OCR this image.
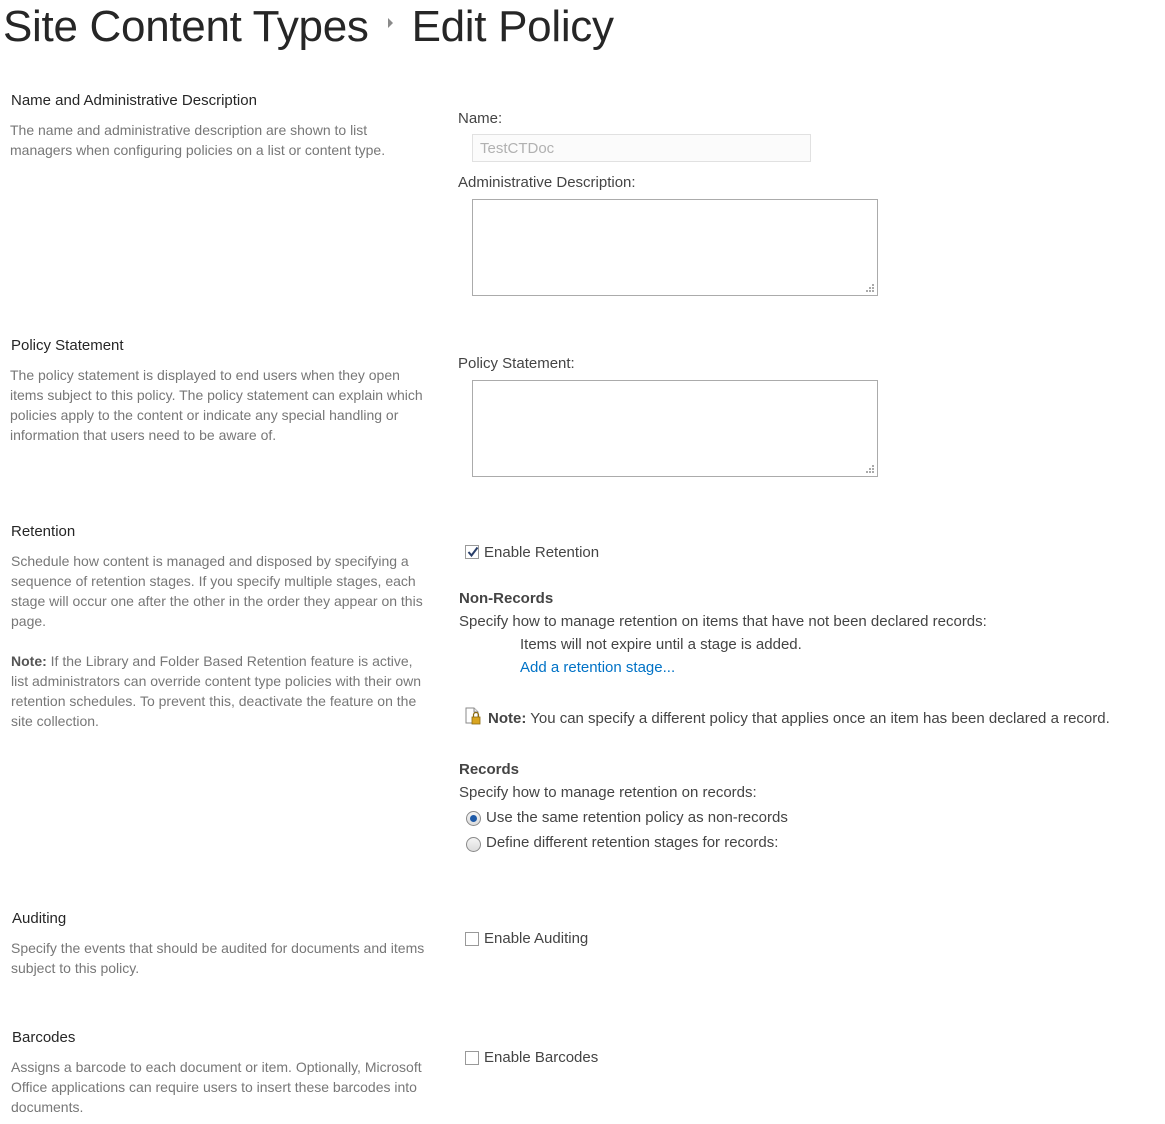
Site Content Types Edit Policy
Name and Administrative Description
The name and administrative description are shown to list managers when configuring policies on a list or content type.
Name:
TestCTDoc
Administrative Description:
Policy Statement
The policy statement is displayed to end users when they open items subject to this policy. The policy statement can explain which policies apply to the content or indicate any special handling or information that users need to be aware of.
Policy Statement:
Retention
Schedule how content is managed and disposed by specifying a sequence of retention stages. If you specify multiple stages, each stage will occur one after the other in the order they appear on this page.
Note: If the Library and Folder Based Retention feature is active, list administrators can override content type policies with their own retention schedules. To prevent this, deactivate the feature on the site collection.
Enable Retention
Non-Records
Specify how to manage retention on items that have not been declared records:
Items will not expire until a stage is added.
Add a retention stage...
Note: You can specify a different policy that applies once an item has been declared a record.
Records
Specify how to manage retention on records:
Use the same retention policy as non-records
Define different retention stages for records:
Auditing
Specify the events that should be audited for documents and items subject to this policy.
Enable Auditing
Barcodes
Assigns a barcode to each document or item. Optionally, Microsoft Office applications can require users to insert these barcodes into documents.
Enable Barcodes
